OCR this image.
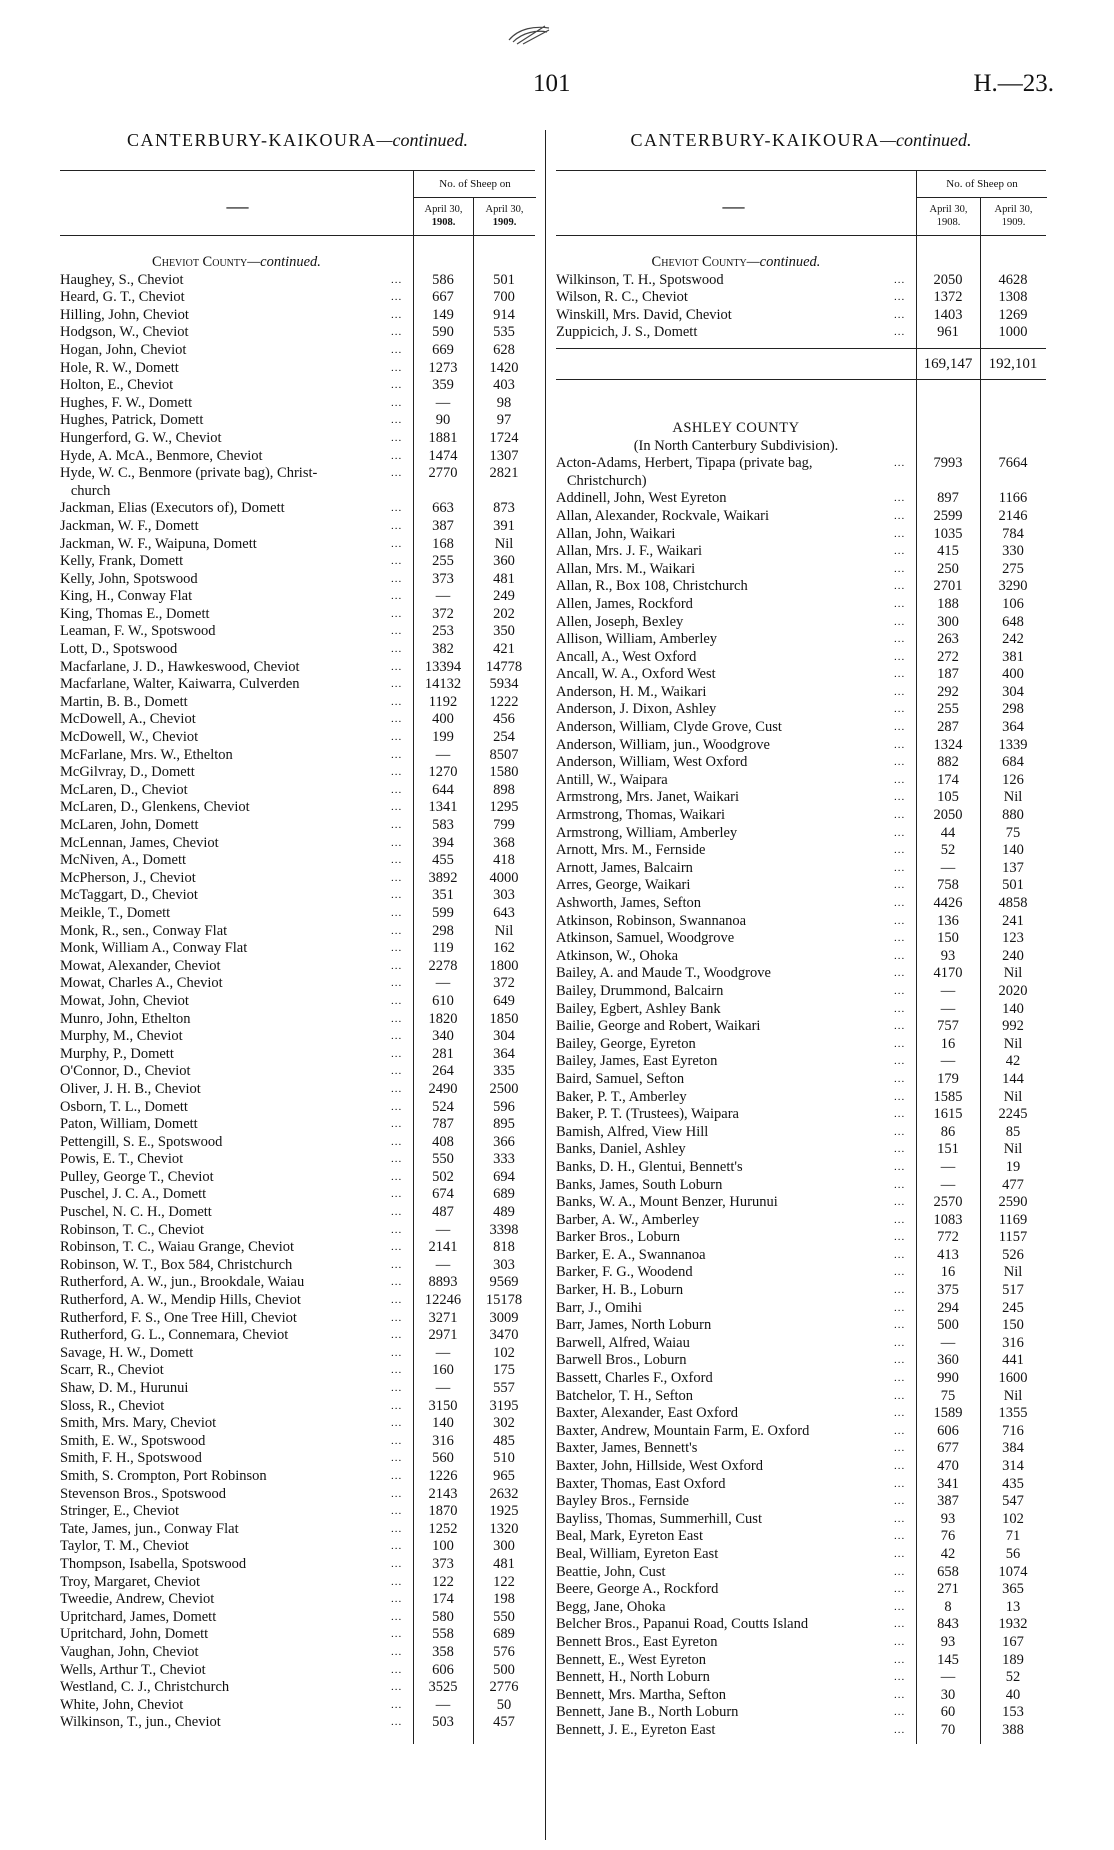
101	H.—23.
CANTERBURY-KAIKOURA—continued.
—
No. of Sheep on
April 30,
1908.
April 30,
1909.
Cheviot County—continued.
Haughey, S., Cheviot	...	586	501
Heard, G. T., Cheviot	...	667	700
Hilling, John, Cheviot	...	149	914
Hodgson, W., Cheviot	...	590	535
Hogan, John, Cheviot	...	669	628
Hole, R. W., Domett	...	1273	1420
Holton, E., Cheviot	...	359	403
Hughes, F. W., Domett	...	—	98
Hughes, Patrick, Domett	...	90	97
Hungerford, G. W., Cheviot	...	1881	1724
Hyde, A. McA., Benmore, Cheviot	...	1474	1307
Hyde, W. C., Benmore (private bag), Christ-	...	2770	2821
church
Jackman, Elias (Executors of), Domett	...	663	873
Jackman, W. F., Domett	...	387	391
Jackman, W. F., Waipuna, Domett	...	168	Nil
Kelly, Frank, Domett	...	255	360
Kelly, John, Spotswood	...	373	481
King, H., Conway Flat	...	—	249
King, Thomas E., Domett	...	372	202
Leaman, F. W., Spotswood	...	253	350
Lott, D., Spotswood	...	382	421
Macfarlane, J. D., Hawkeswood, Cheviot	...	13394	14778
Macfarlane, Walter, Kaiwarra, Culverden	...	14132	5934
Martin, B. B., Domett	...	1192	1222
McDowell, A., Cheviot	...	400	456
McDowell, W., Cheviot	...	199	254
McFarlane, Mrs. W., Ethelton	...	—	8507
McGilvray, D., Domett	...	1270	1580
McLaren, D., Cheviot	...	644	898
McLaren, D., Glenkens, Cheviot	...	1341	1295
McLaren, John, Domett	...	583	799
McLennan, James, Cheviot	...	394	368
McNiven, A., Domett	...	455	418
McPherson, J., Cheviot	...	3892	4000
McTaggart, D., Cheviot	...	351	303
Meikle, T., Domett	...	599	643
Monk, R., sen., Conway Flat	...	298	Nil
Monk, William A., Conway Flat	...	119	162
Mowat, Alexander, Cheviot	...	2278	1800
Mowat, Charles A., Cheviot	...	—	372
Mowat, John, Cheviot	...	610	649
Munro, John, Ethelton	...	1820	1850
Murphy, M., Cheviot	...	340	304
Murphy, P., Domett	...	281	364
O'Connor, D., Cheviot	...	264	335
Oliver, J. H. B., Cheviot	...	2490	2500
Osborn, T. L., Domett	...	524	596
Paton, William, Domett	...	787	895
Pettengill, S. E., Spotswood	...	408	366
Powis, E. T., Cheviot	...	550	333
Pulley, George T., Cheviot	...	502	694
Puschel, J. C. A., Domett	...	674	689
Puschel, N. C. H., Domett	...	487	489
Robinson, T. C., Cheviot	...	—	3398
Robinson, T. C., Waiau Grange, Cheviot	...	2141	818
Robinson, W. T., Box 584, Christchurch	...	—	303
Rutherford, A. W., jun., Brookdale, Waiau	...	8893	9569
Rutherford, A. W., Mendip Hills, Cheviot	...	12246	15178
Rutherford, F. S., One Tree Hill, Cheviot	...	3271	3009
Rutherford, G. L., Connemara, Cheviot	...	2971	3470
Savage, H. W., Domett	...	—	102
Scarr, R., Cheviot	...	160	175
Shaw, D. M., Hurunui	...	—	557
Sloss, R., Cheviot	...	3150	3195
Smith, Mrs. Mary, Cheviot	...	140	302
Smith, E. W., Spotswood	...	316	485
Smith, F. H., Spotswood	...	560	510
Smith, S. Crompton, Port Robinson	...	1226	965
Stevenson Bros., Spotswood	...	2143	2632
Stringer, E., Cheviot	...	1870	1925
Tate, James, jun., Conway Flat	...	1252	1320
Taylor, T. M., Cheviot	...	100	300
Thompson, Isabella, Spotswood	...	373	481
Troy, Margaret, Cheviot	...	122	122
Tweedie, Andrew, Cheviot	...	174	198
Upritchard, James, Domett	...	580	550
Upritchard, John, Domett	...	558	689
Vaughan, John, Cheviot	...	358	576
Wells, Arthur T., Cheviot	...	606	500
Westland, C. J., Christchurch	...	3525	2776
White, John, Cheviot	...	—	50
Wilkinson, T., jun., Cheviot	...	503	457
CANTERBURY-KAIKOURA—continued.
—
No. of Sheep on
April 30,
1908.
April 30,
1909.
Cheviot County—continued.
Wilkinson, T. H., Spotswood	...	2050	4628
Wilson, R. C., Cheviot	...	1372	1308
Winskill, Mrs. David, Cheviot	...	1403	1269
Zuppicich, J. S., Domett	...	961	1000
169,147	192,101
ASHLEY COUNTY
(In North Canterbury Subdivision).
Acton-Adams, Herbert, Tipapa (private bag,	...	7993	7664
Christchurch)
Addinell, John, West Eyreton	...	897	1166
Allan, Alexander, Rockvale, Waikari	...	2599	2146
Allan, John, Waikari	...	1035	784
Allan, Mrs. J. F., Waikari	...	415	330
Allan, Mrs. M., Waikari	...	250	275
Allan, R., Box 108, Christchurch	...	2701	3290
Allen, James, Rockford	...	188	106
Allen, Joseph, Bexley	...	300	648
Allison, William, Amberley	...	263	242
Ancall, A., West Oxford	...	272	381
Ancall, W. A., Oxford West	...	187	400
Anderson, H. M., Waikari	...	292	304
Anderson, J. Dixon, Ashley	...	255	298
Anderson, William, Clyde Grove, Cust	...	287	364
Anderson, William, jun., Woodgrove	...	1324	1339
Anderson, William, West Oxford	...	882	684
Antill, W., Waipara	...	174	126
Armstrong, Mrs. Janet, Waikari	...	105	Nil
Armstrong, Thomas, Waikari	...	2050	880
Armstrong, William, Amberley	...	44	75
Arnott, Mrs. M., Fernside	...	52	140
Arnott, James, Balcairn	...	—	137
Arres, George, Waikari	...	758	501
Ashworth, James, Sefton	...	4426	4858
Atkinson, Robinson, Swannanoa	...	136	241
Atkinson, Samuel, Woodgrove	...	150	123
Atkinson, W., Ohoka	...	93	240
Bailey, A. and Maude T., Woodgrove	...	4170	Nil
Bailey, Drummond, Balcairn	...	—	2020
Bailey, Egbert, Ashley Bank	...	—	140
Bailie, George and Robert, Waikari	...	757	992
Bailey, George, Eyreton	...	16	Nil
Bailey, James, East Eyreton	...	—	42
Baird, Samuel, Sefton	...	179	144
Baker, P. T., Amberley	...	1585	Nil
Baker, P. T. (Trustees), Waipara	...	1615	2245
Bamish, Alfred, View Hill	...	86	85
Banks, Daniel, Ashley	...	151	Nil
Banks, D. H., Glentui, Bennett's	...	—	19
Banks, James, South Loburn	...	—	477
Banks, W. A., Mount Benzer, Hurunui	...	2570	2590
Barber, A. W., Amberley	...	1083	1169
Barker Bros., Loburn	...	772	1157
Barker, E. A., Swannanoa	...	413	526
Barker, F. G., Woodend	...	16	Nil
Barker, H. B., Loburn	...	375	517
Barr, J., Omihi	...	294	245
Barr, James, North Loburn	...	500	150
Barwell, Alfred, Waiau	...	—	316
Barwell Bros., Loburn	...	360	441
Bassett, Charles F., Oxford	...	990	1600
Batchelor, T. H., Sefton	...	75	Nil
Baxter, Alexander, East Oxford	...	1589	1355
Baxter, Andrew, Mountain Farm, E. Oxford	...	606	716
Baxter, James, Bennett's	...	677	384
Baxter, John, Hillside, West Oxford	...	470	314
Baxter, Thomas, East Oxford	...	341	435
Bayley Bros., Fernside	...	387	547
Bayliss, Thomas, Summerhill, Cust	...	93	102
Beal, Mark, Eyreton East	...	76	71
Beal, William, Eyreton East	...	42	56
Beattie, John, Cust	...	658	1074
Beere, George A., Rockford	...	271	365
Begg, Jane, Ohoka	...	8	13
Belcher Bros., Papanui Road, Coutts Island	...	843	1932
Bennett Bros., East Eyreton	...	93	167
Bennett, E., West Eyreton	...	145	189
Bennett, H., North Loburn	...	—	52
Bennett, Mrs. Martha, Sefton	...	30	40
Bennett, Jane B., North Loburn	...	60	153
Bennett, J. E., Eyreton East	...	70	388
